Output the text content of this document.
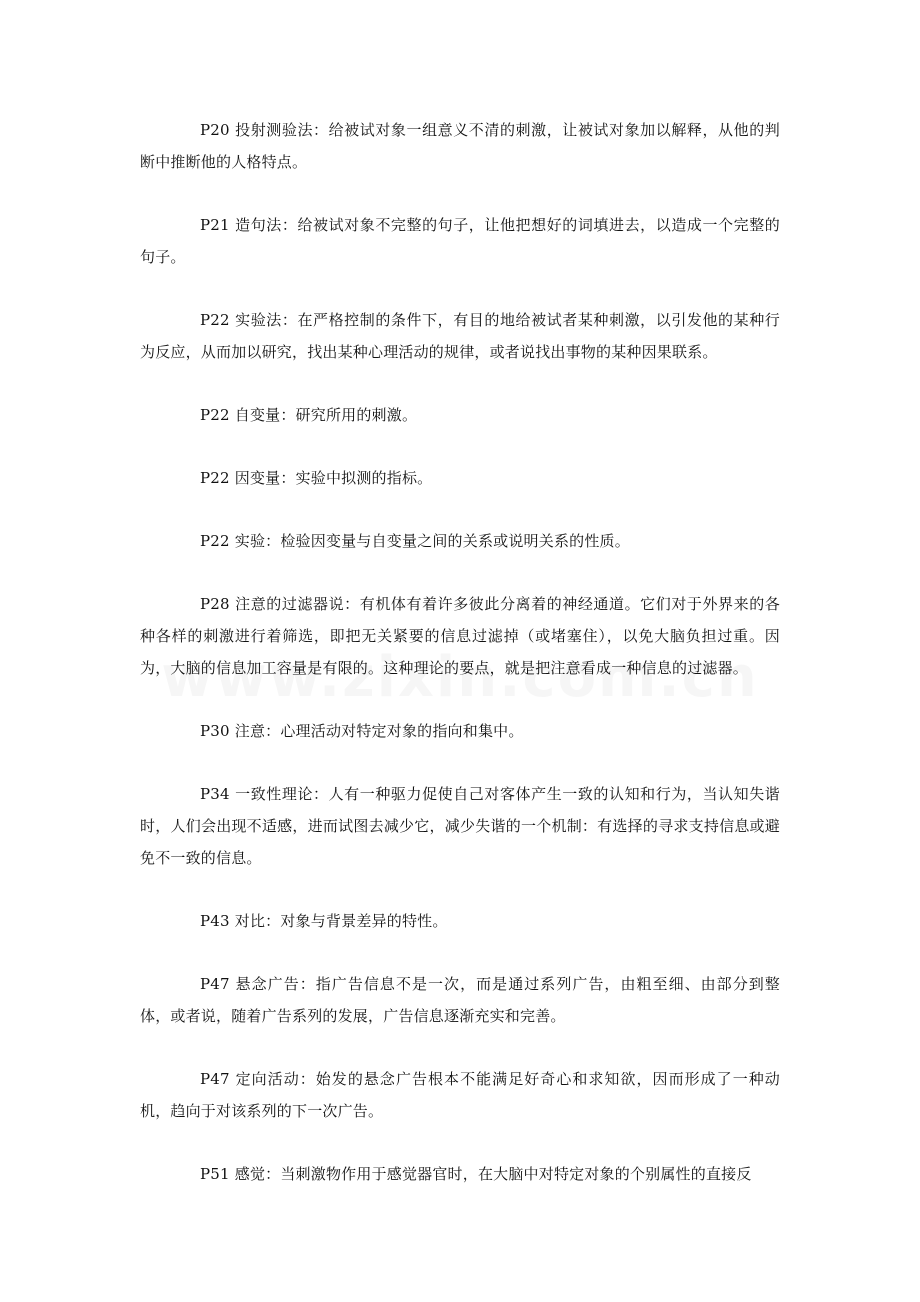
P20 投射测验法：给被试对象一组意义不清的刺激，让被试对象加以解释，从他的判断中推断他的人格特点。

P21 造句法：给被试对象不完整的句子，让他把想好的词填进去，以造成一个完整的句子。

P22 实验法：在严格控制的条件下，有目的地给被试者某种刺激，以引发他的某种行为反应，从而加以研究，找出某种心理活动的规律，或者说找出事物的某种因果联系。

P22 自变量：研究所用的刺激。

P22 因变量：实验中拟测的指标。

P22 实验：检验因变量与自变量之间的关系或说明关系的性质。

P28 注意的过滤器说：有机体有着许多彼此分离着的神经通道。它们对于外界来的各种各样的刺激进行着筛选，即把无关紧要的信息过滤掉（或堵塞住），以免大脑负担过重。因为，大脑的信息加工容量是有限的。这种理论的要点，就是把注意看成一种信息的过滤器。

P30 注意：心理活动对特定对象的指向和集中。

P34 一致性理论：人有一种驱力促使自己对客体产生一致的认知和行为，当认知失谐时，人们会出现不适感，进而试图去减少它，减少失谐的一个机制：有选择的寻求支持信息或避免不一致的信息。

P43 对比：对象与背景差异的特性。

P47 悬念广告：指广告信息不是一次，而是通过系列广告，由粗至细、由部分到整体，或者说，随着广告系列的发展，广告信息逐渐充实和完善。

P47 定向活动：始发的悬念广告根本不能满足好奇心和求知欲，因而形成了一种动机，趋向于对该系列的下一次广告。

P51 感觉：当刺激物作用于感觉器官时，在大脑中对特定对象的个别属性的直接反
